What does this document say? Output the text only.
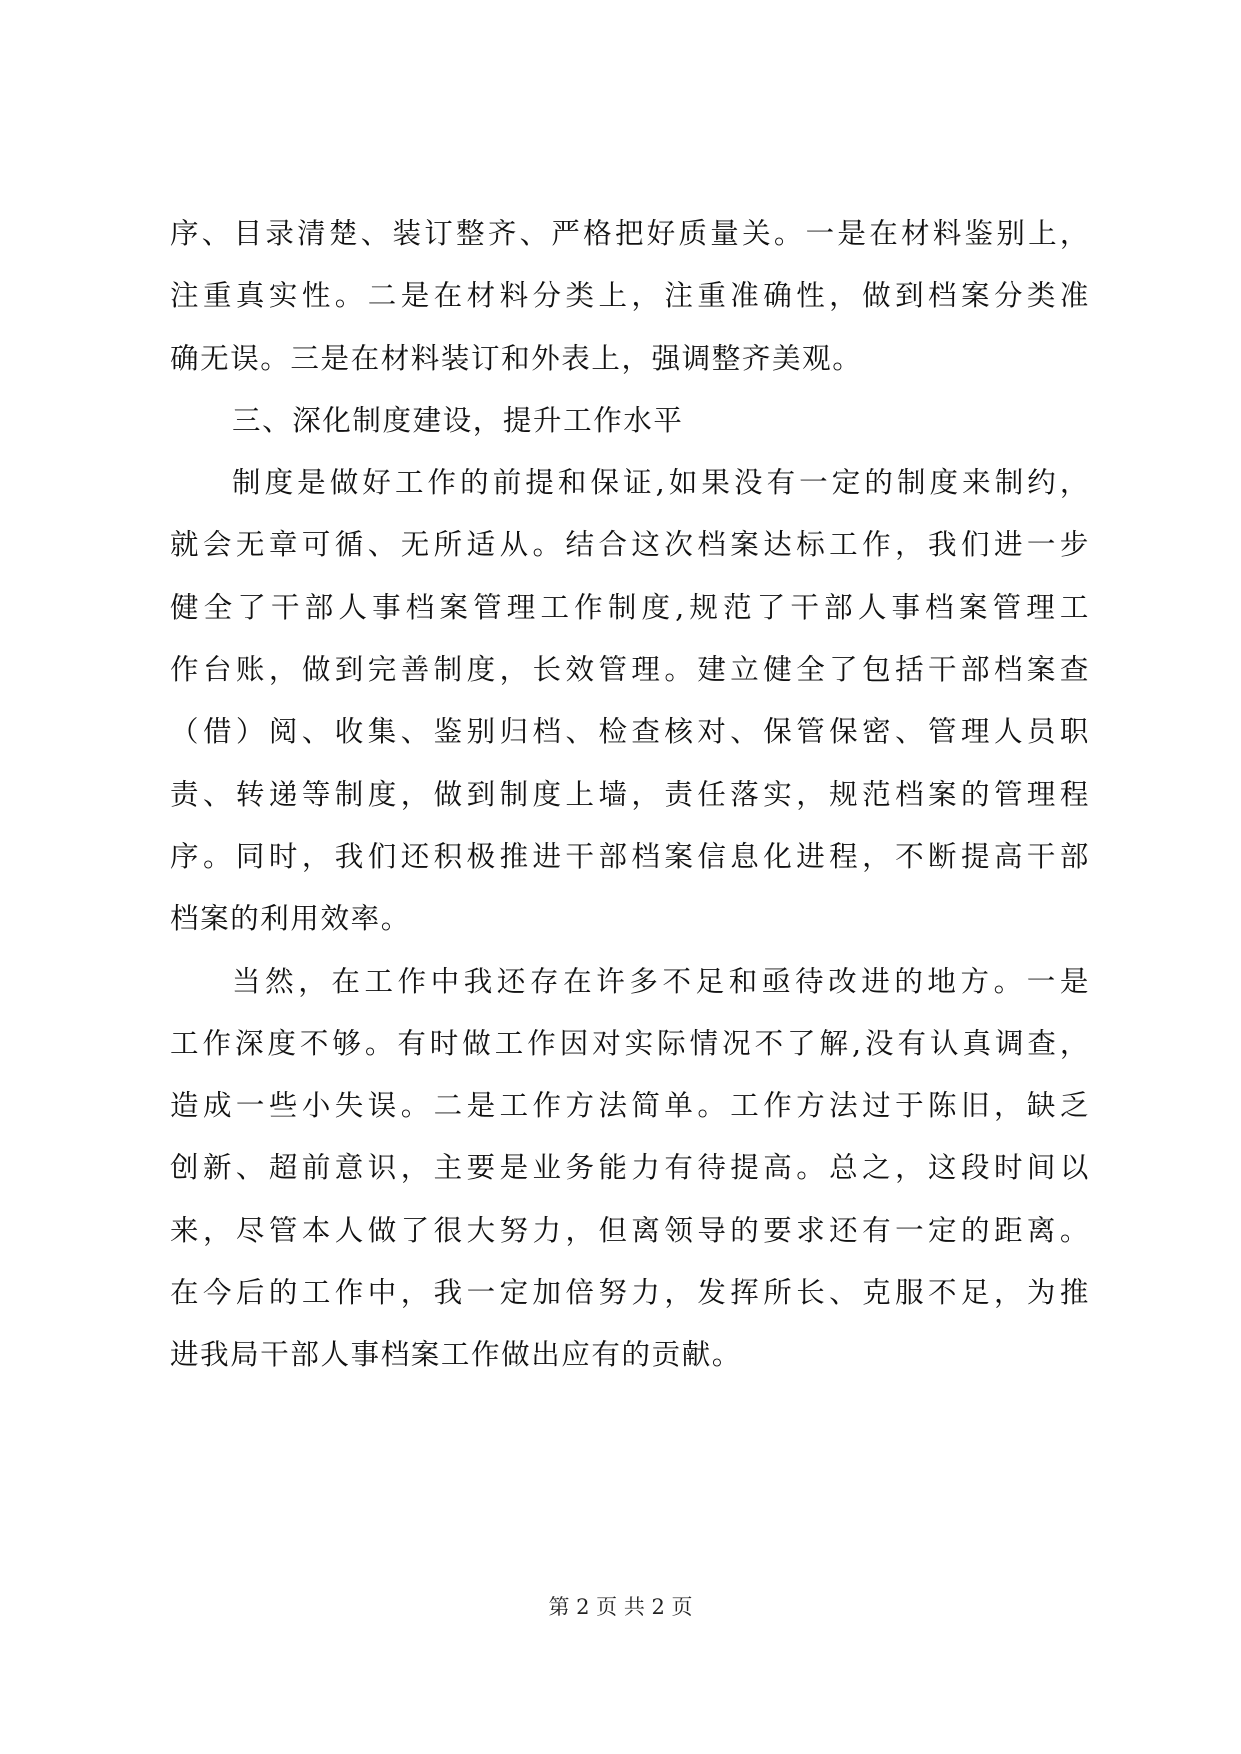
序、目录清楚、装订整齐、严格把好质量关。一是在材料鉴别上，
注重真实性。二是在材料分类上，注重准确性，做到档案分类准
确无误。三是在材料装订和外表上，强调整齐美观。
三、深化制度建设，提升工作水平
制度是做好工作的前提和保证,如果没有一定的制度来制约，
就会无章可循、无所适从。结合这次档案达标工作，我们进一步
健全了干部人事档案管理工作制度,规范了干部人事档案管理工
作台账，做到完善制度，长效管理。建立健全了包括干部档案查
（借）阅、收集、鉴别归档、检查核对、保管保密、管理人员职
责、转递等制度，做到制度上墙，责任落实，规范档案的管理程
序。同时，我们还积极推进干部档案信息化进程，不断提高干部
档案的利用效率。
当然，在工作中我还存在许多不足和亟待改进的地方。一是
工作深度不够。有时做工作因对实际情况不了解,没有认真调查，
造成一些小失误。二是工作方法简单。工作方法过于陈旧，缺乏
创新、超前意识，主要是业务能力有待提高。总之，这段时间以
来，尽管本人做了很大努力，但离领导的要求还有一定的距离。
在今后的工作中，我一定加倍努力，发挥所长、克服不足，为推
进我局干部人事档案工作做出应有的贡献。
第 2 页 共 2 页
